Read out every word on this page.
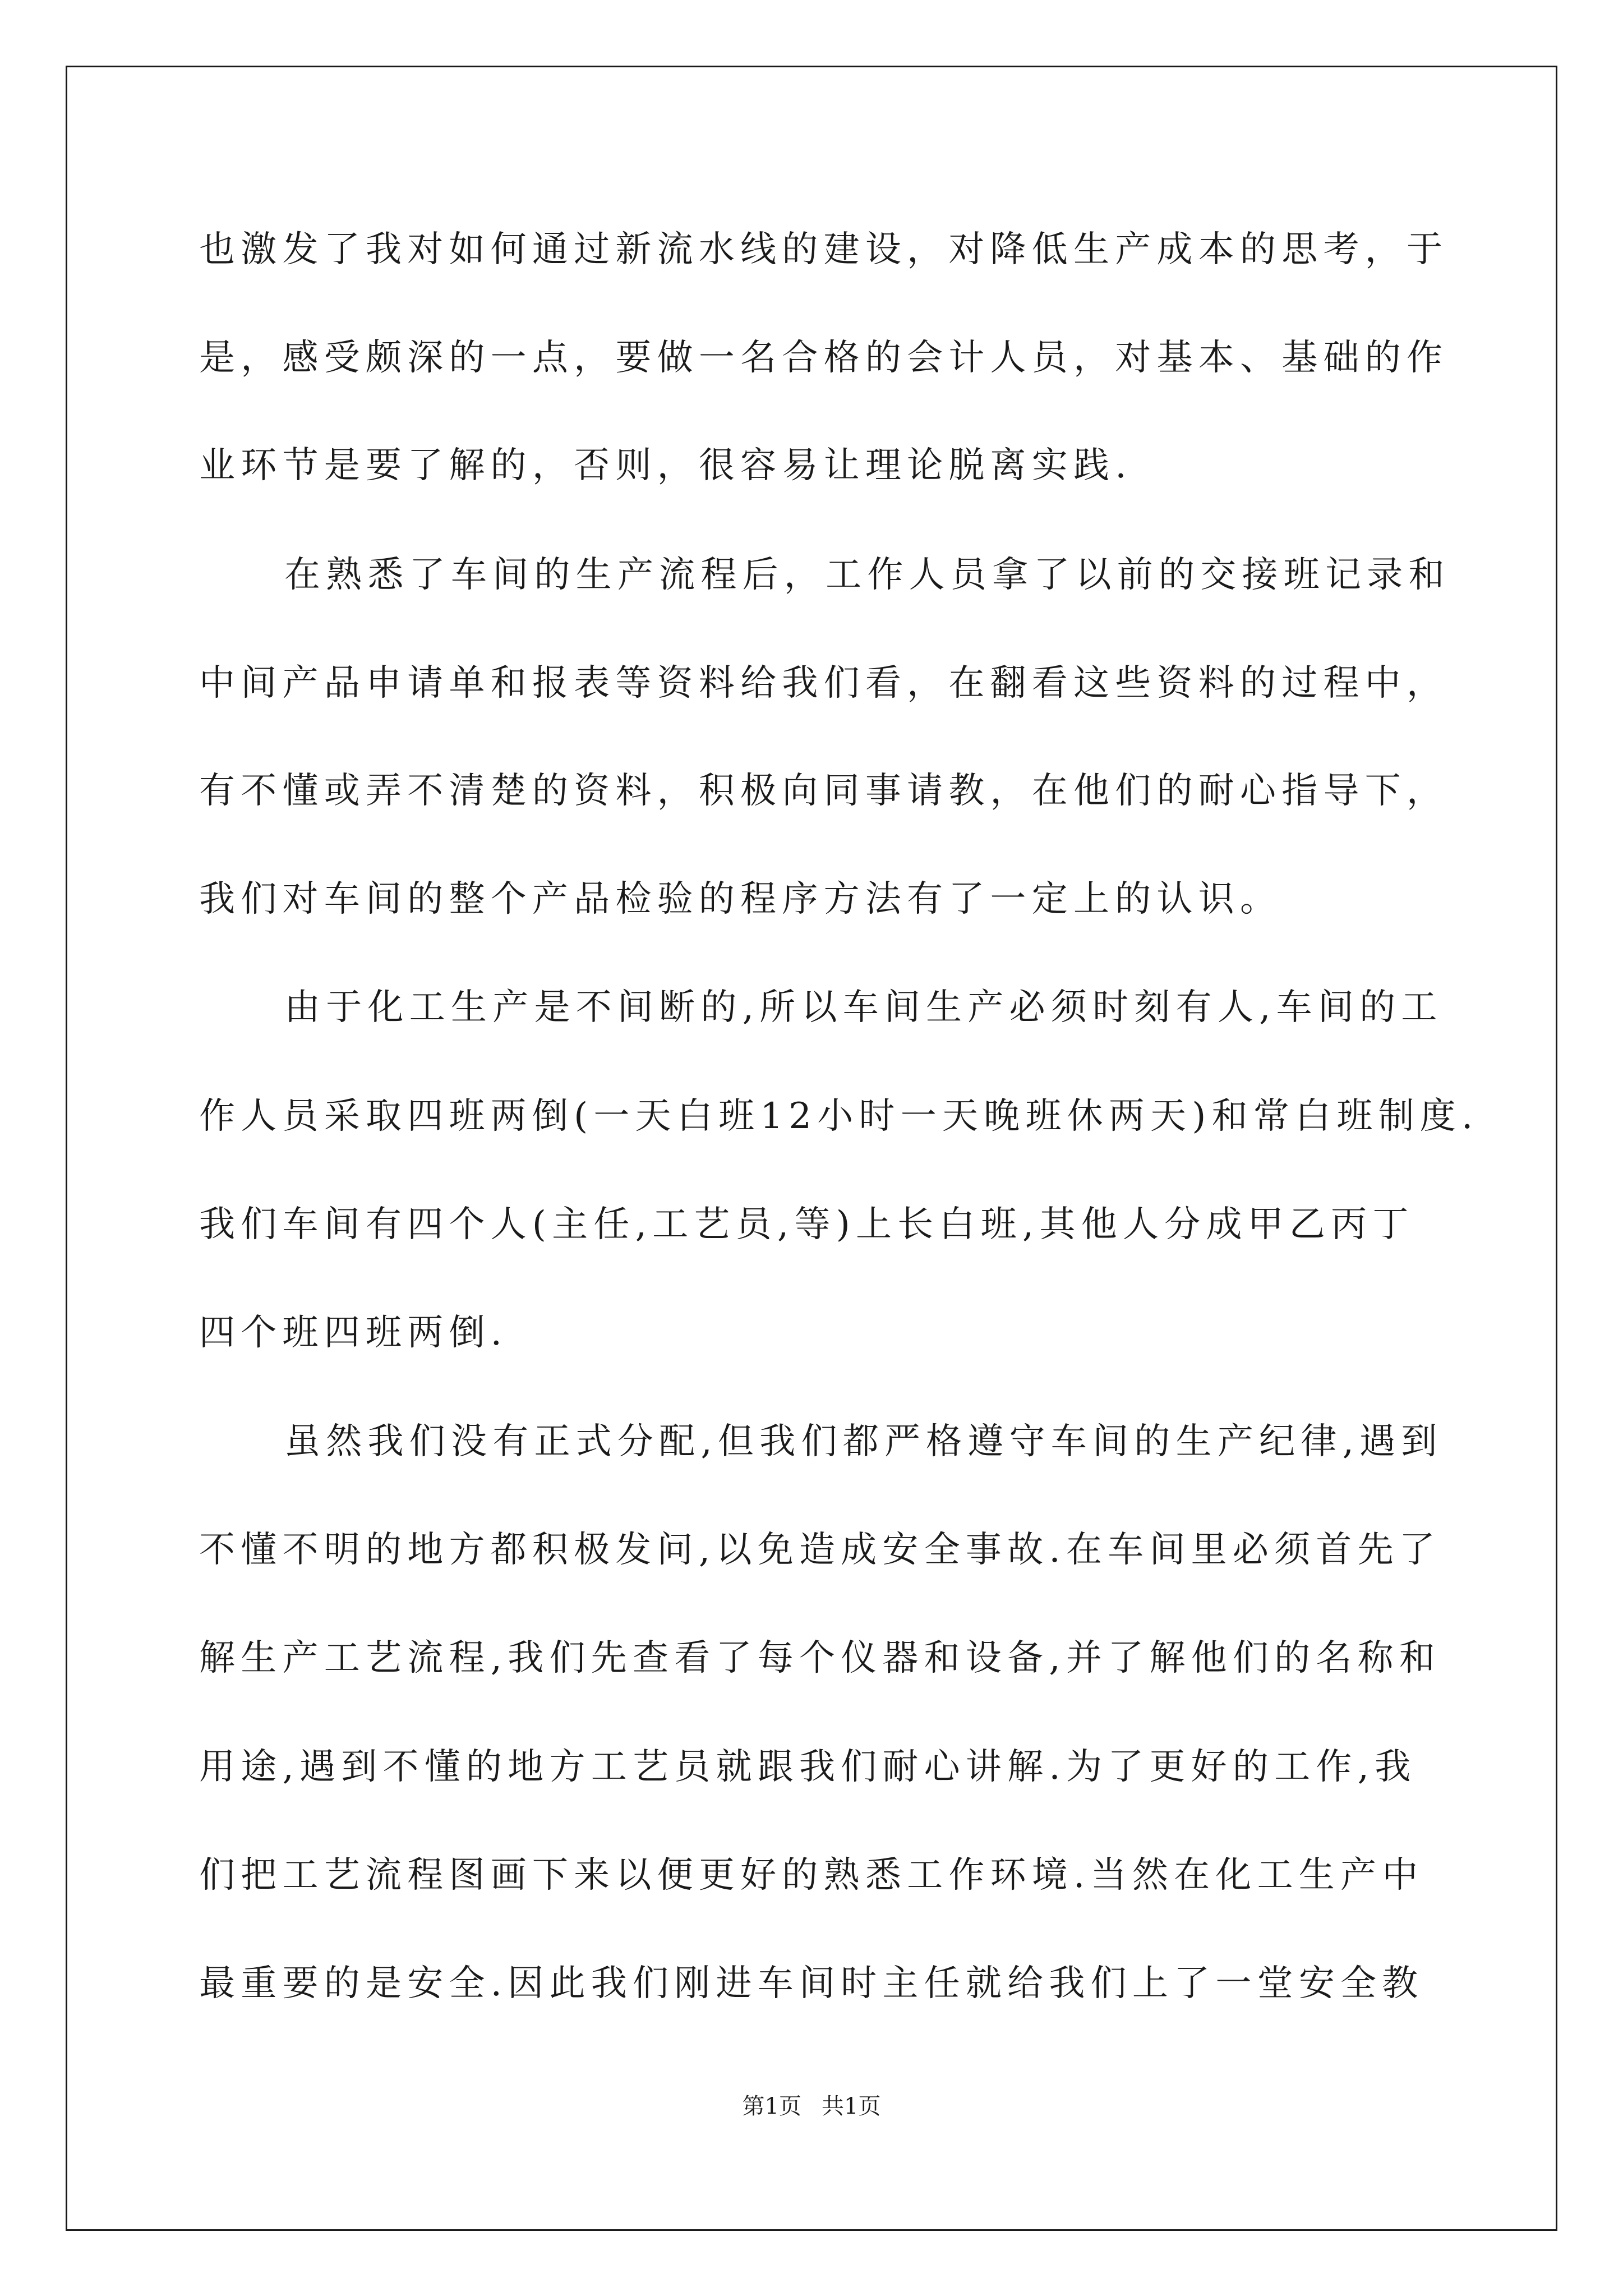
也激发了我对如何通过新流水线的建设，对降低生产成本的思考，于
是，感受颇深的一点，要做一名合格的会计人员，对基本、基础的作
业环节是要了解的，否则，很容易让理论脱离实践.
在熟悉了车间的生产流程后，工作人员拿了以前的交接班记录和
中间产品申请单和报表等资料给我们看，在翻看这些资料的过程中，
有不懂或弄不清楚的资料，积极向同事请教，在他们的耐心指导下，
我们对车间的整个产品检验的程序方法有了一定上的认识。
由于化工生产是不间断的,所以车间生产必须时刻有人,车间的工
作人员采取四班两倒(一天白班12小时一天晚班休两天)和常白班制度.
我们车间有四个人(主任,工艺员,等)上长白班,其他人分成甲乙丙丁
四个班四班两倒.
虽然我们没有正式分配,但我们都严格遵守车间的生产纪律,遇到
不懂不明的地方都积极发问,以免造成安全事故.在车间里必须首先了
解生产工艺流程,我们先查看了每个仪器和设备,并了解他们的名称和
用途,遇到不懂的地方工艺员就跟我们耐心讲解.为了更好的工作,我
们把工艺流程图画下来以便更好的熟悉工作环境.当然在化工生产中
最重要的是安全.因此我们刚进车间时主任就给我们上了一堂安全教
第1页 共1页
